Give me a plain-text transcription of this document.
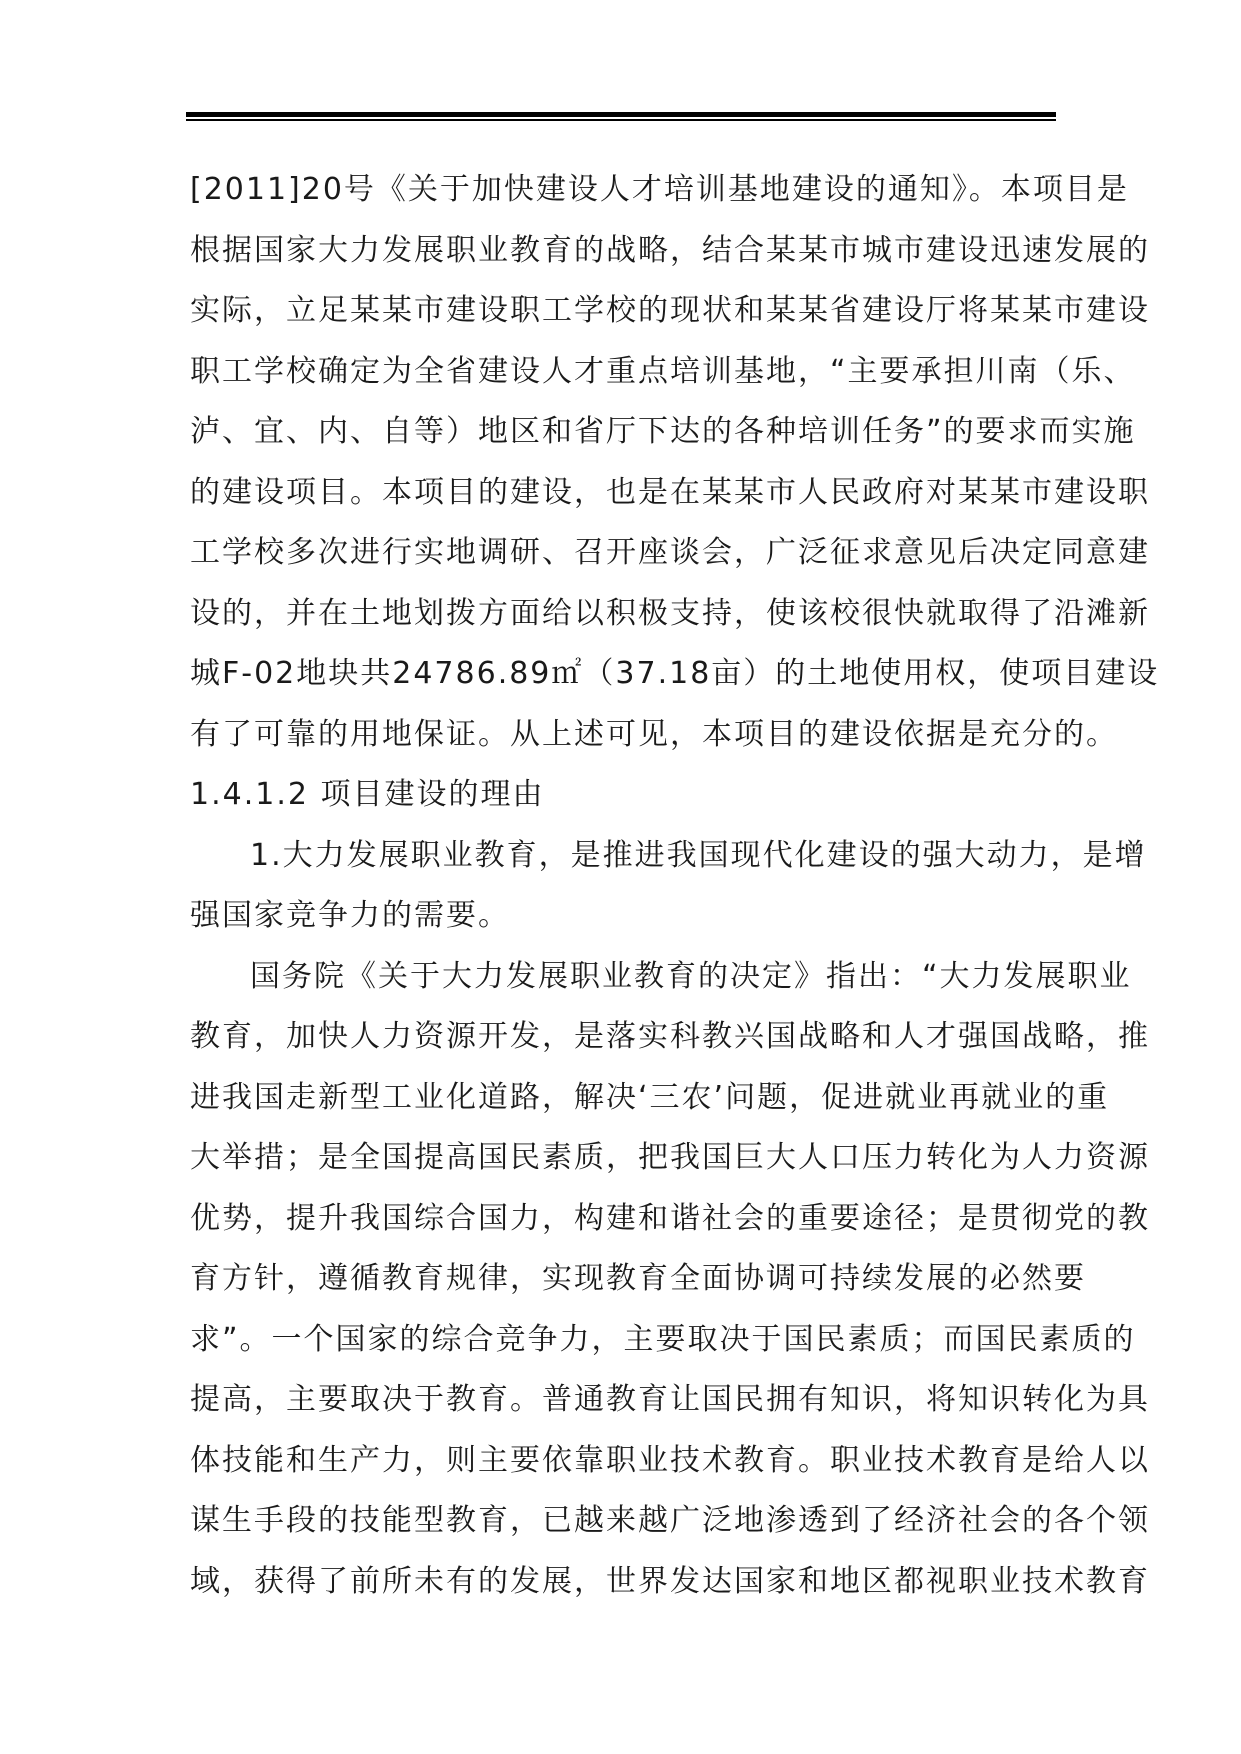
[2011]20号《关于加快建设人才培训基地建设的通知》。本项目是
根据国家大力发展职业教育的战略，结合某某市城市建设迅速发展的
实际，立足某某市建设职工学校的现状和某某省建设厅将某某市建设
职工学校确定为全省建设人才重点培训基地，“主要承担川南（乐、
泸、宜、内、自等）地区和省厅下达的各种培训任务”的要求而实施
的建设项目。本项目的建设，也是在某某市人民政府对某某市建设职
工学校多次进行实地调研、召开座谈会，广泛征求意见后决定同意建
设的，并在土地划拨方面给以积极支持，使该校很快就取得了沿滩新
城F-02地块共24786.89㎡（37.18亩）的土地使用权，使项目建设
有了可靠的用地保证。从上述可见，本项目的建设依据是充分的。
1.4.1.2 项目建设的理由
1.大力发展职业教育，是推进我国现代化建设的强大动力，是增
强国家竞争力的需要。
国务院《关于大力发展职业教育的决定》指出：“大力发展职业
教育，加快人力资源开发，是落实科教兴国战略和人才强国战略，推
进我国走新型工业化道路，解决‘三农’问题，促进就业再就业的重
大举措；是全国提高国民素质，把我国巨大人口压力转化为人力资源
优势，提升我国综合国力，构建和谐社会的重要途径；是贯彻党的教
育方针，遵循教育规律，实现教育全面协调可持续发展的必然要
求”。一个国家的综合竞争力，主要取决于国民素质；而国民素质的
提高，主要取决于教育。普通教育让国民拥有知识，将知识转化为具
体技能和生产力，则主要依靠职业技术教育。职业技术教育是给人以
谋生手段的技能型教育，已越来越广泛地渗透到了经济社会的各个领
域，获得了前所未有的发展，世界发达国家和地区都视职业技术教育
